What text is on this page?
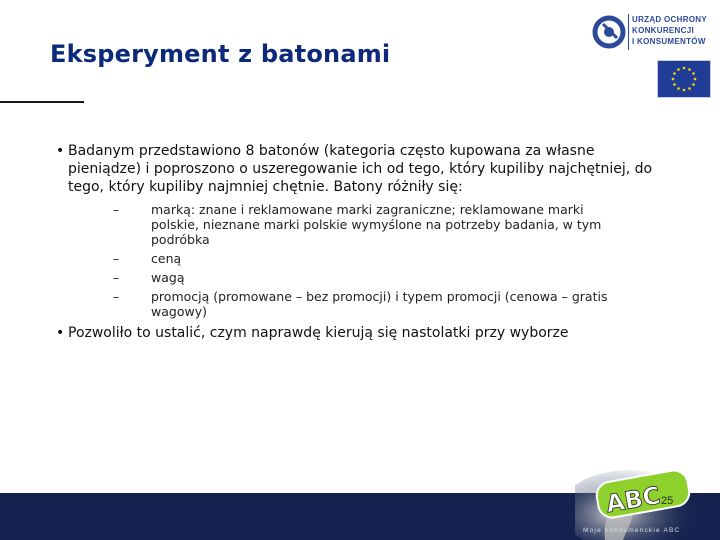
Eksperyment z batonami
URZĄD OCHRONY
KONKURENCJI
I KONSUMENTÓW
• Badanym przedstawiono 8 batonów (kategoria często kupowana za własne pieniądze) i poproszono o uszeregowanie ich od tego, który kupiliby najchętniej, do tego, który kupiliby najmniej chętnie. Batony różniły się:
–	marką: znane i reklamowane marki zagraniczne; reklamowane marki polskie, nieznane marki polskie wymyślone na potrzeby badania, w tym podróbka
–	ceną
–	wagą
–	promocją (promowane – bez promocji) i typem promocji (cenowa – gratis wagowy)
• Pozwoliło to ustalić, czym naprawdę kierują się nastolatki przy wyborze
ABC
25
Moje konsumenckie ABC
